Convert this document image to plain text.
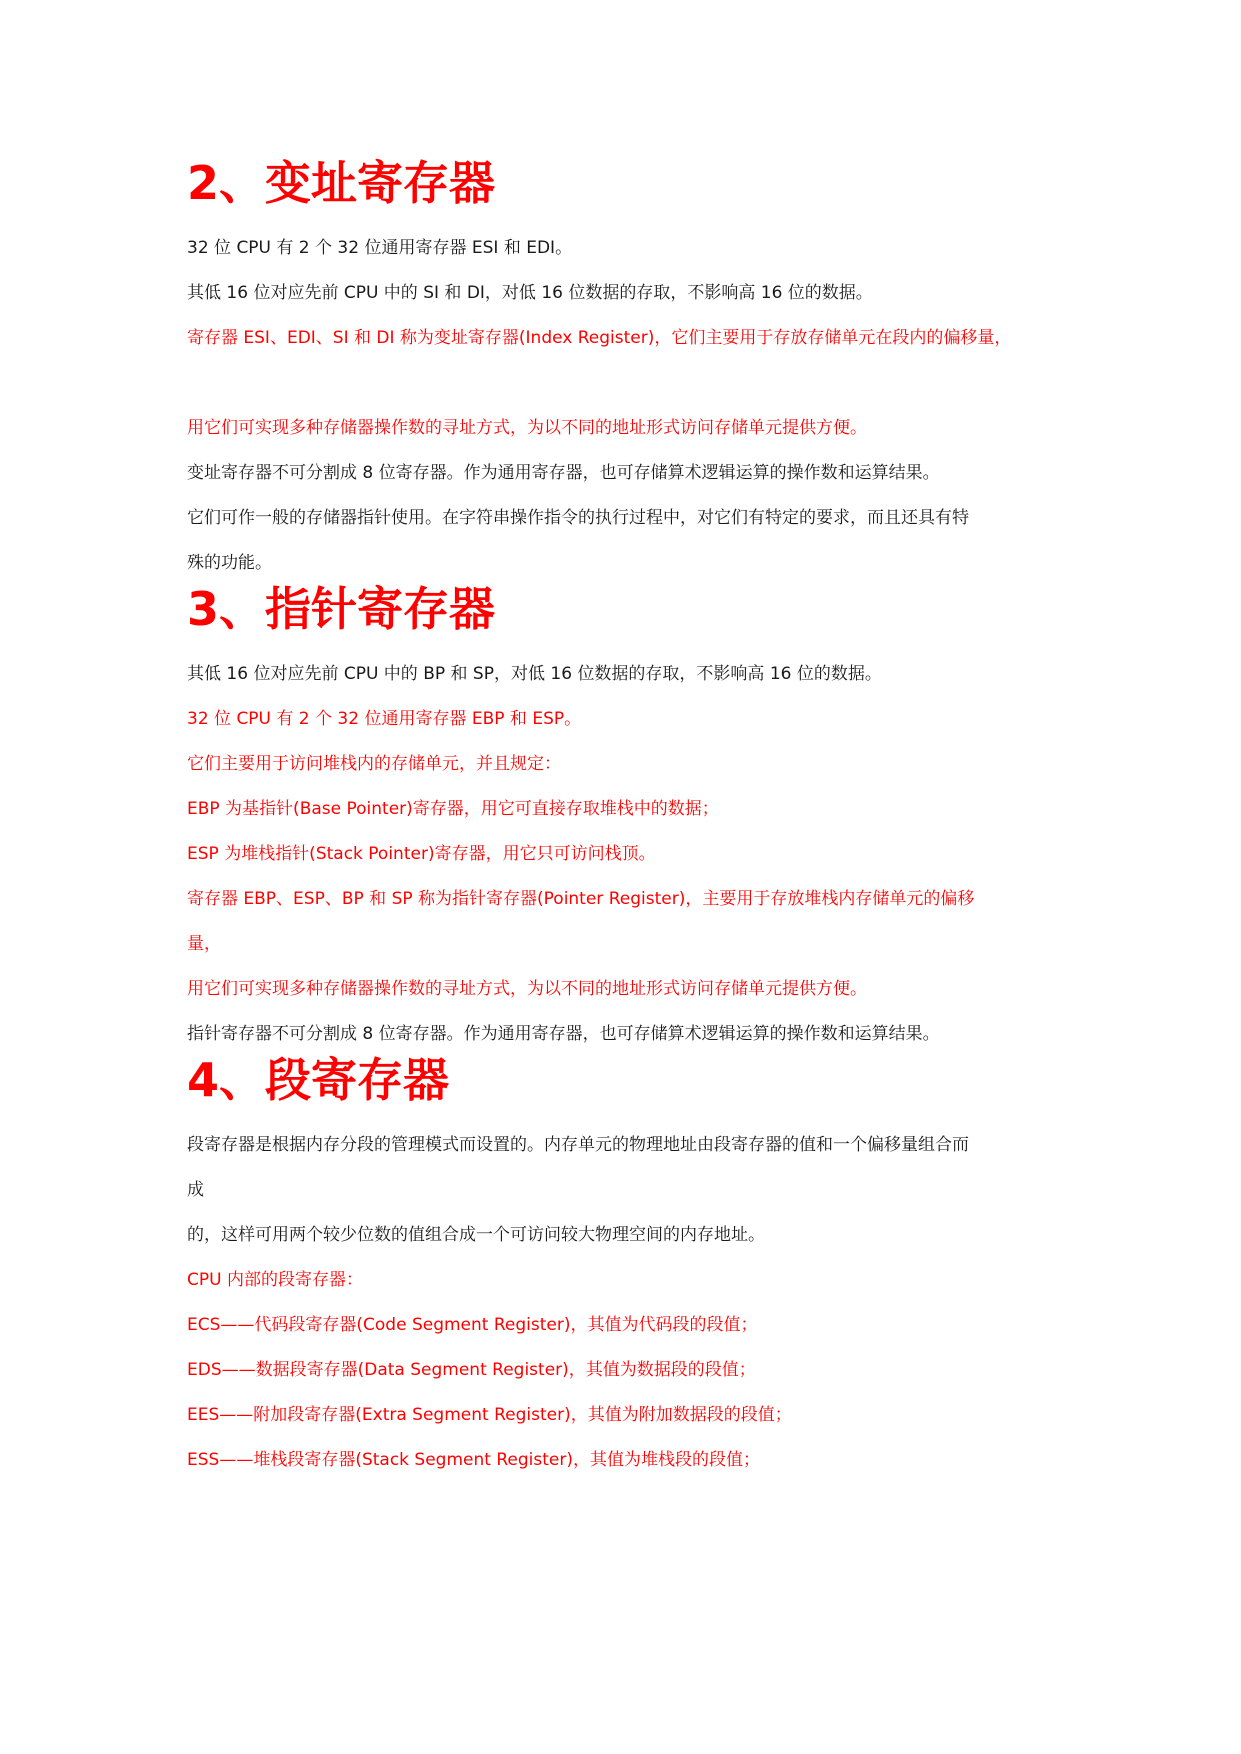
2、变址寄存器

32 位 CPU 有 2 个 32 位通用寄存器 ESI 和 EDI。

其低 16 位对应先前 CPU 中的 SI 和 DI，对低 16 位数据的存取，不影响高 16 位的数据。

寄存器 ESI、EDI、SI 和 DI 称为变址寄存器(Index Register)，它们主要用于存放存储单元在段内的偏移量，

用它们可实现多种存储器操作数的寻址方式，为以不同的地址形式访问存储单元提供方便。

变址寄存器不可分割成 8 位寄存器。作为通用寄存器，也可存储算术逻辑运算的操作数和运算结果。

它们可作一般的存储器指针使用。在字符串操作指令的执行过程中，对它们有特定的要求，而且还具有特

殊的功能。

3、指针寄存器

其低 16 位对应先前 CPU 中的 BP 和 SP，对低 16 位数据的存取，不影响高 16 位的数据。

32 位 CPU 有 2 个 32 位通用寄存器 EBP 和 ESP。

它们主要用于访问堆栈内的存储单元，并且规定：

EBP 为基指针(Base Pointer)寄存器，用它可直接存取堆栈中的数据；

ESP 为堆栈指针(Stack Pointer)寄存器，用它只可访问栈顶。

寄存器 EBP、ESP、BP 和 SP 称为指针寄存器(Pointer Register)，主要用于存放堆栈内存储单元的偏移

量，

用它们可实现多种存储器操作数的寻址方式，为以不同的地址形式访问存储单元提供方便。

指针寄存器不可分割成 8 位寄存器。作为通用寄存器，也可存储算术逻辑运算的操作数和运算结果。

4、段寄存器

段寄存器是根据内存分段的管理模式而设置的。内存单元的物理地址由段寄存器的值和一个偏移量组合而

成

的，这样可用两个较少位数的值组合成一个可访问较大物理空间的内存地址。

CPU 内部的段寄存器：

ECS——代码段寄存器(Code Segment Register)，其值为代码段的段值；

EDS——数据段寄存器(Data Segment Register)，其值为数据段的段值；

EES——附加段寄存器(Extra Segment Register)，其值为附加数据段的段值；

ESS——堆栈段寄存器(Stack Segment Register)，其值为堆栈段的段值；
